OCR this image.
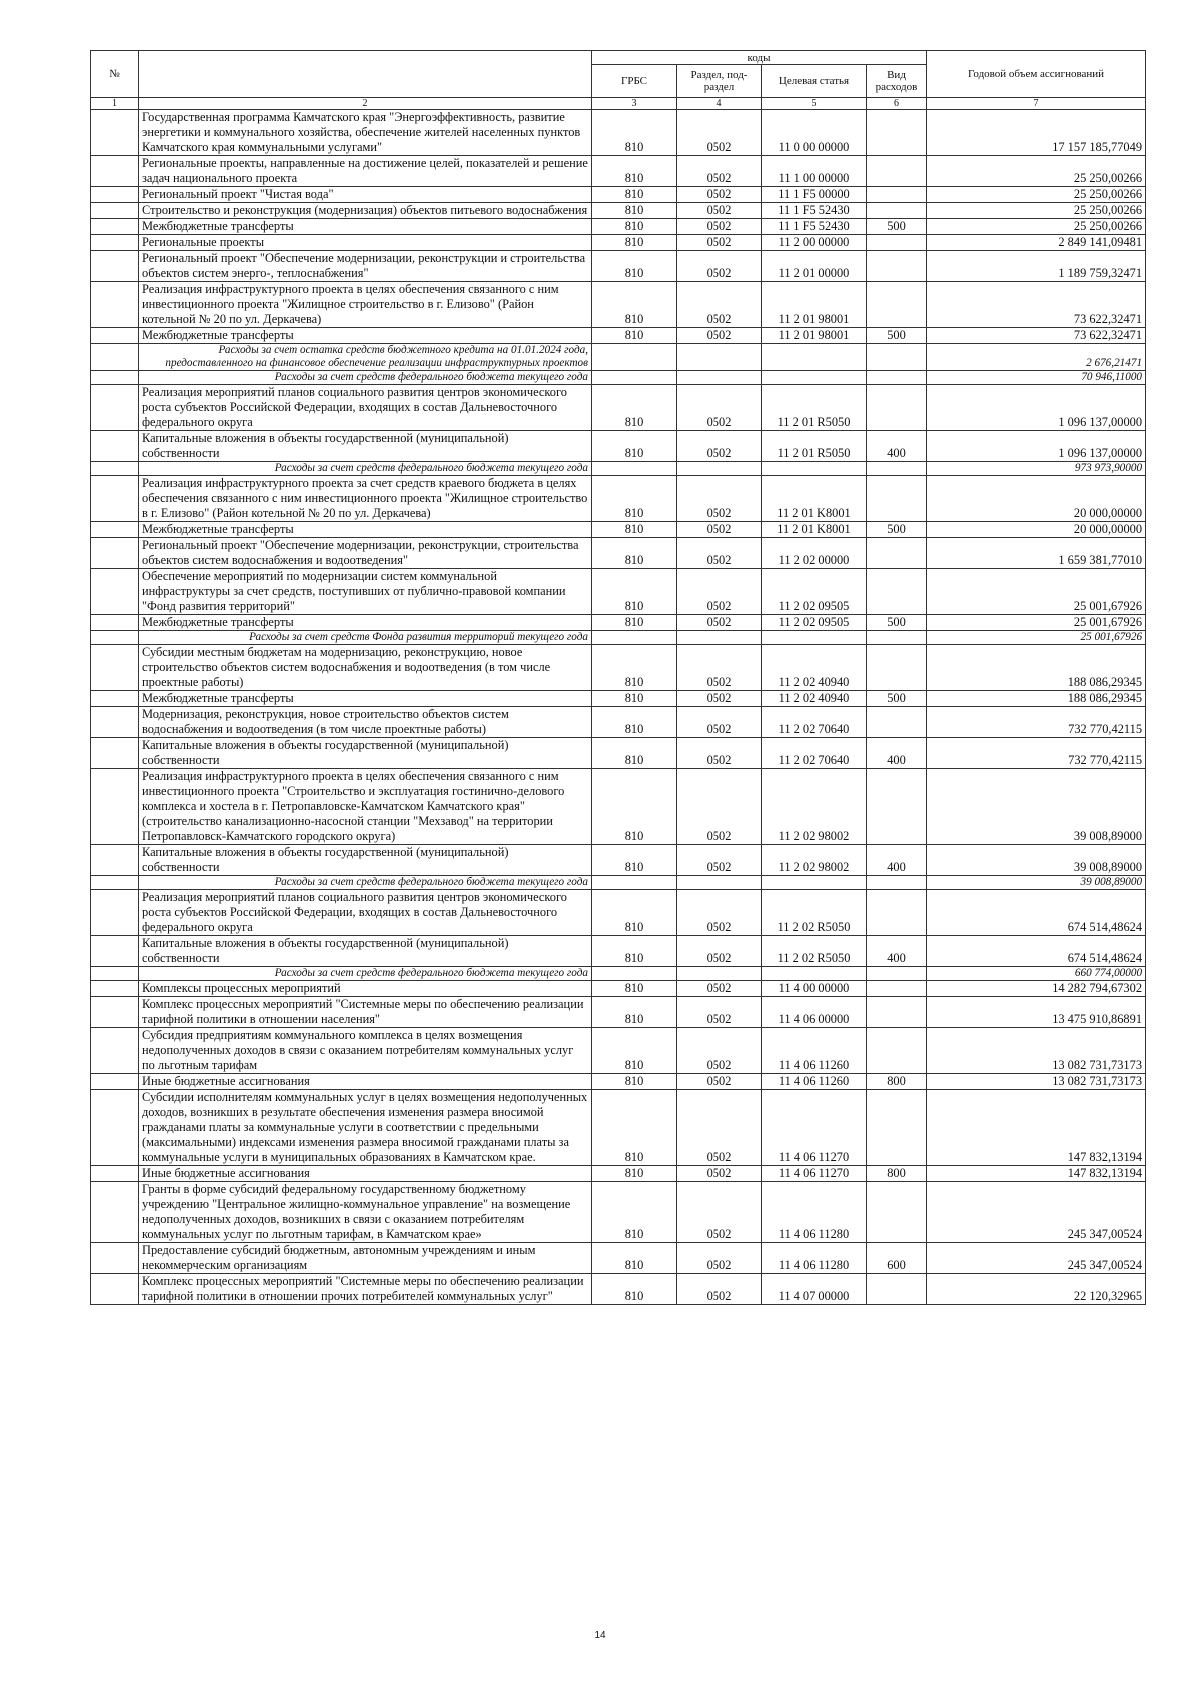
№		коды				Годовой объем ассигнований
		ГРБС	Раздел, под-раздел	Целевая статья	Вид расходов	
1	2	3	4	5	6	7
	Государственная программа Камчатского края "Энергоэффективность, развитие энергетики и коммунального хозяйства, обеспечение жителей населенных пунктов Камчатского края коммунальными услугами"	810	0502	11 0 00 00000		17 157 185,77049
	Региональные проекты, направленные на достижение целей, показателей и решение задач национального проекта	810	0502	11 1 00 00000		25 250,00266
	Региональный проект "Чистая вода"	810	0502	11 1 F5 00000		25 250,00266
	Строительство и реконструкция (модернизация) объектов питьевого водоснабжения	810	0502	11 1 F5 52430		25 250,00266
	Межбюджетные трансферты	810	0502	11 1 F5 52430	500	25 250,00266
	Региональные проекты	810	0502	11 2 00 00000		2 849 141,09481
	Региональный проект "Обеспечение модернизации, реконструкции и строительства объектов систем энерго-, теплоснабжения"	810	0502	11 2 01 00000		1 189 759,32471
	Реализация инфраструктурного проекта в целях обеспечения связанного с ним инвестиционного проекта "Жилищное строительство в г. Елизово" (Район котельной № 20 по ул. Деркачева)	810	0502	11 2 01 98001		73 622,32471
	Межбюджетные трансферты	810	0502	11 2 01 98001	500	73 622,32471
	Расходы за счет остатка средств бюджетного кредита на 01.01.2024 года, предоставленного на финансовое обеспечение реализации инфраструктурных проектов					2 676,21471
	Расходы за счет средств федерального бюджета текущего года					70 946,11000
	Реализация мероприятий планов социального развития центров экономического роста субъектов Российской Федерации, входящих в состав Дальневосточного федерального округа	810	0502	11 2 01 R5050		1 096 137,00000
	Капитальные вложения в объекты государственной (муниципальной) собственности	810	0502	11 2 01 R5050	400	1 096 137,00000
	Расходы за счет средств федерального бюджета текущего года					973 973,90000
	Реализация инфраструктурного проекта за счет средств краевого бюджета в целях обеспечения связанного с ним инвестиционного проекта "Жилищное строительство в г. Елизово" (Район котельной № 20 по ул. Деркачева)	810	0502	11 2 01 K8001		20 000,00000
	Межбюджетные трансферты	810	0502	11 2 01 K8001	500	20 000,00000
	Региональный проект "Обеспечение модернизации, реконструкции, строительства объектов систем водоснабжения и водоотведения"	810	0502	11 2 02 00000		1 659 381,77010
	Обеспечение мероприятий по модернизации систем коммунальной инфраструктуры за счет средств, поступивших от публично-правовой компании "Фонд развития территорий"	810	0502	11 2 02 09505		25 001,67926
	Межбюджетные трансферты	810	0502	11 2 02 09505	500	25 001,67926
	Расходы за счет средств Фонда развития территорий текущего года					25 001,67926
	Субсидии местным бюджетам на модернизацию, реконструкцию, новое строительство объектов систем водоснабжения и водоотведения (в том числе проектные работы)	810	0502	11 2 02 40940		188 086,29345
	Межбюджетные трансферты	810	0502	11 2 02 40940	500	188 086,29345
	Модернизация, реконструкция, новое строительство объектов систем водоснабжения и водоотведения (в том числе проектные работы)	810	0502	11 2 02 70640		732 770,42115
	Капитальные вложения в объекты государственной (муниципальной) собственности	810	0502	11 2 02 70640	400	732 770,42115
	Реализация инфраструктурного проекта в целях обеспечения связанного с ним инвестиционного проекта "Строительство и эксплуатация гостинично-делового комплекса и хостела в г. Петропавловске-Камчатском Камчатского края" (строительство канализационно-насосной станции "Мехзавод" на территории Петропавловск-Камчатского городского округа)	810	0502	11 2 02 98002		39 008,89000
	Капитальные вложения в объекты государственной (муниципальной) собственности	810	0502	11 2 02 98002	400	39 008,89000
	Расходы за счет средств федерального бюджета текущего года					39 008,89000
	Реализация мероприятий планов социального развития центров экономического роста субъектов Российской Федерации, входящих в состав Дальневосточного федерального округа	810	0502	11 2 02 R5050		674 514,48624
	Капитальные вложения в объекты государственной (муниципальной) собственности	810	0502	11 2 02 R5050	400	674 514,48624
	Расходы за счет средств федерального бюджета текущего года					660 774,00000
	Комплексы процессных мероприятий	810	0502	11 4 00 00000		14 282 794,67302
	Комплекс процессных мероприятий "Системные меры по обеспечению реализации тарифной политики в отношении населения"	810	0502	11 4 06 00000		13 475 910,86891
	Субсидия предприятиям коммунального комплекса в целях возмещения недополученных доходов в связи с оказанием потребителям коммунальных услуг по льготным тарифам	810	0502	11 4 06 11260		13 082 731,73173
	Иные бюджетные ассигнования	810	0502	11 4 06 11260	800	13 082 731,73173
	Субсидии исполнителям коммунальных услуг в целях возмещения недополученных доходов, возникших в результате обеспечения изменения размера вносимой гражданами платы за коммунальные услуги в соответствии с предельными (максимальными) индексами изменения размера вносимой гражданами платы за коммунальные услуги в муниципальных образованиях в Камчатском крае.	810	0502	11 4 06 11270		147 832,13194
	Иные бюджетные ассигнования	810	0502	11 4 06 11270	800	147 832,13194
	Гранты в форме субсидий федеральному государственному бюджетному учреждению "Центральное жилищно-коммунальное управление" на возмещение недополученных доходов, возникших в связи с оказанием потребителям коммунальных услуг по льготным тарифам, в Камчатском крае»	810	0502	11 4 06 11280		245 347,00524
	Предоставление субсидий бюджетным, автономным учреждениям и иным некоммерческим организациям	810	0502	11 4 06 11280	600	245 347,00524
	Комплекс процессных мероприятий "Системные меры по обеспечению реализации тарифной политики в отношении прочих потребителей коммунальных услуг"	810	0502	11 4 07 00000		22 120,32965
14
